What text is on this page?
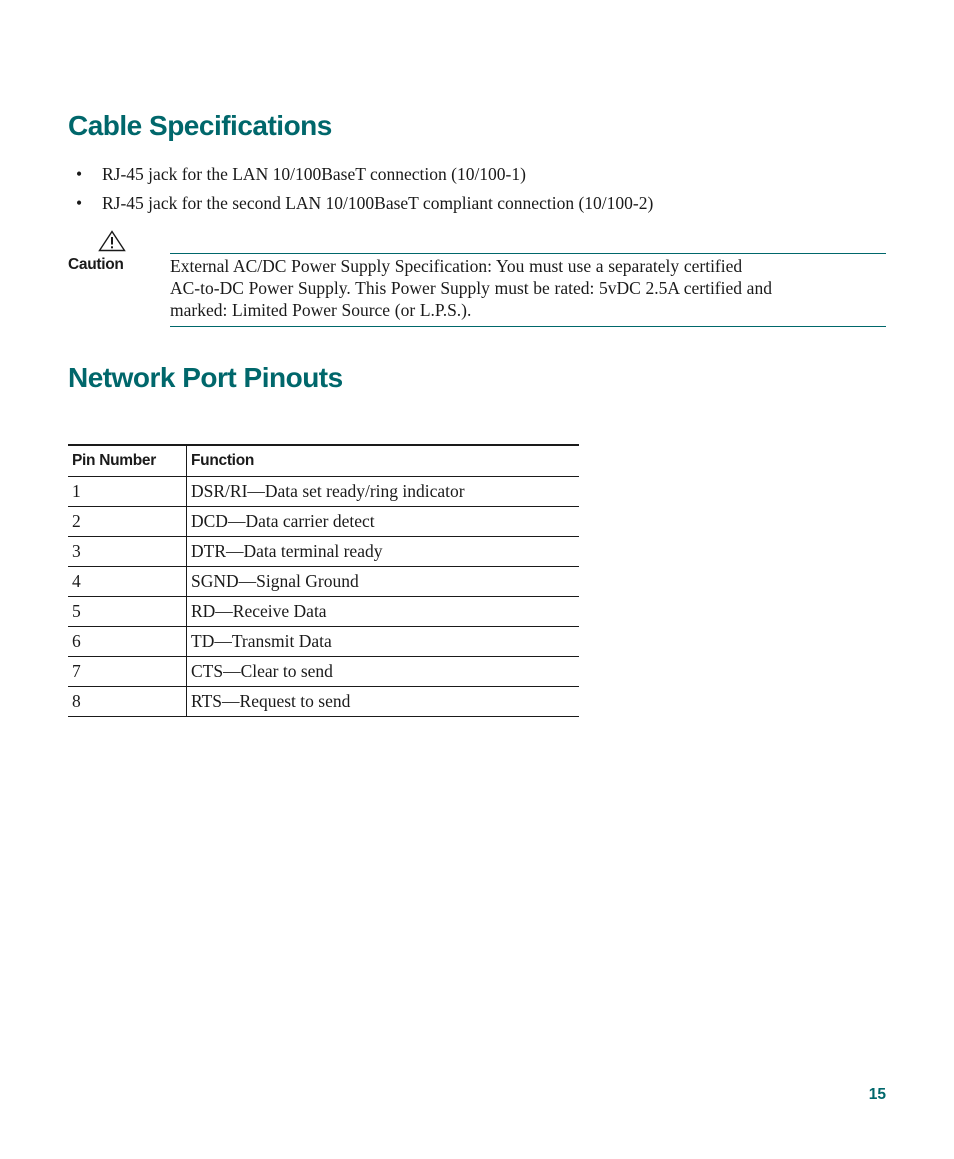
Cable Specifications
• RJ-45 jack for the LAN 10/100BaseT connection (10/100-1)
• RJ-45 jack for the second LAN 10/100BaseT compliant connection (10/100-2)
Caution	External AC/DC Power Supply Specification: You must use a separately certified
AC-to-DC Power Supply. This Power Supply must be rated: 5vDC 2.5A certified and
marked: Limited Power Source (or L.P.S.).
Network Port Pinouts
Pin Number	Function
1	DSR/RI—Data set ready/ring indicator
2	DCD—Data carrier detect
3	DTR—Data terminal ready
4	SGND—Signal Ground
5	RD—Receive Data
6	TD—Transmit Data
7	CTS—Clear to send
8	RTS—Request to send
15
